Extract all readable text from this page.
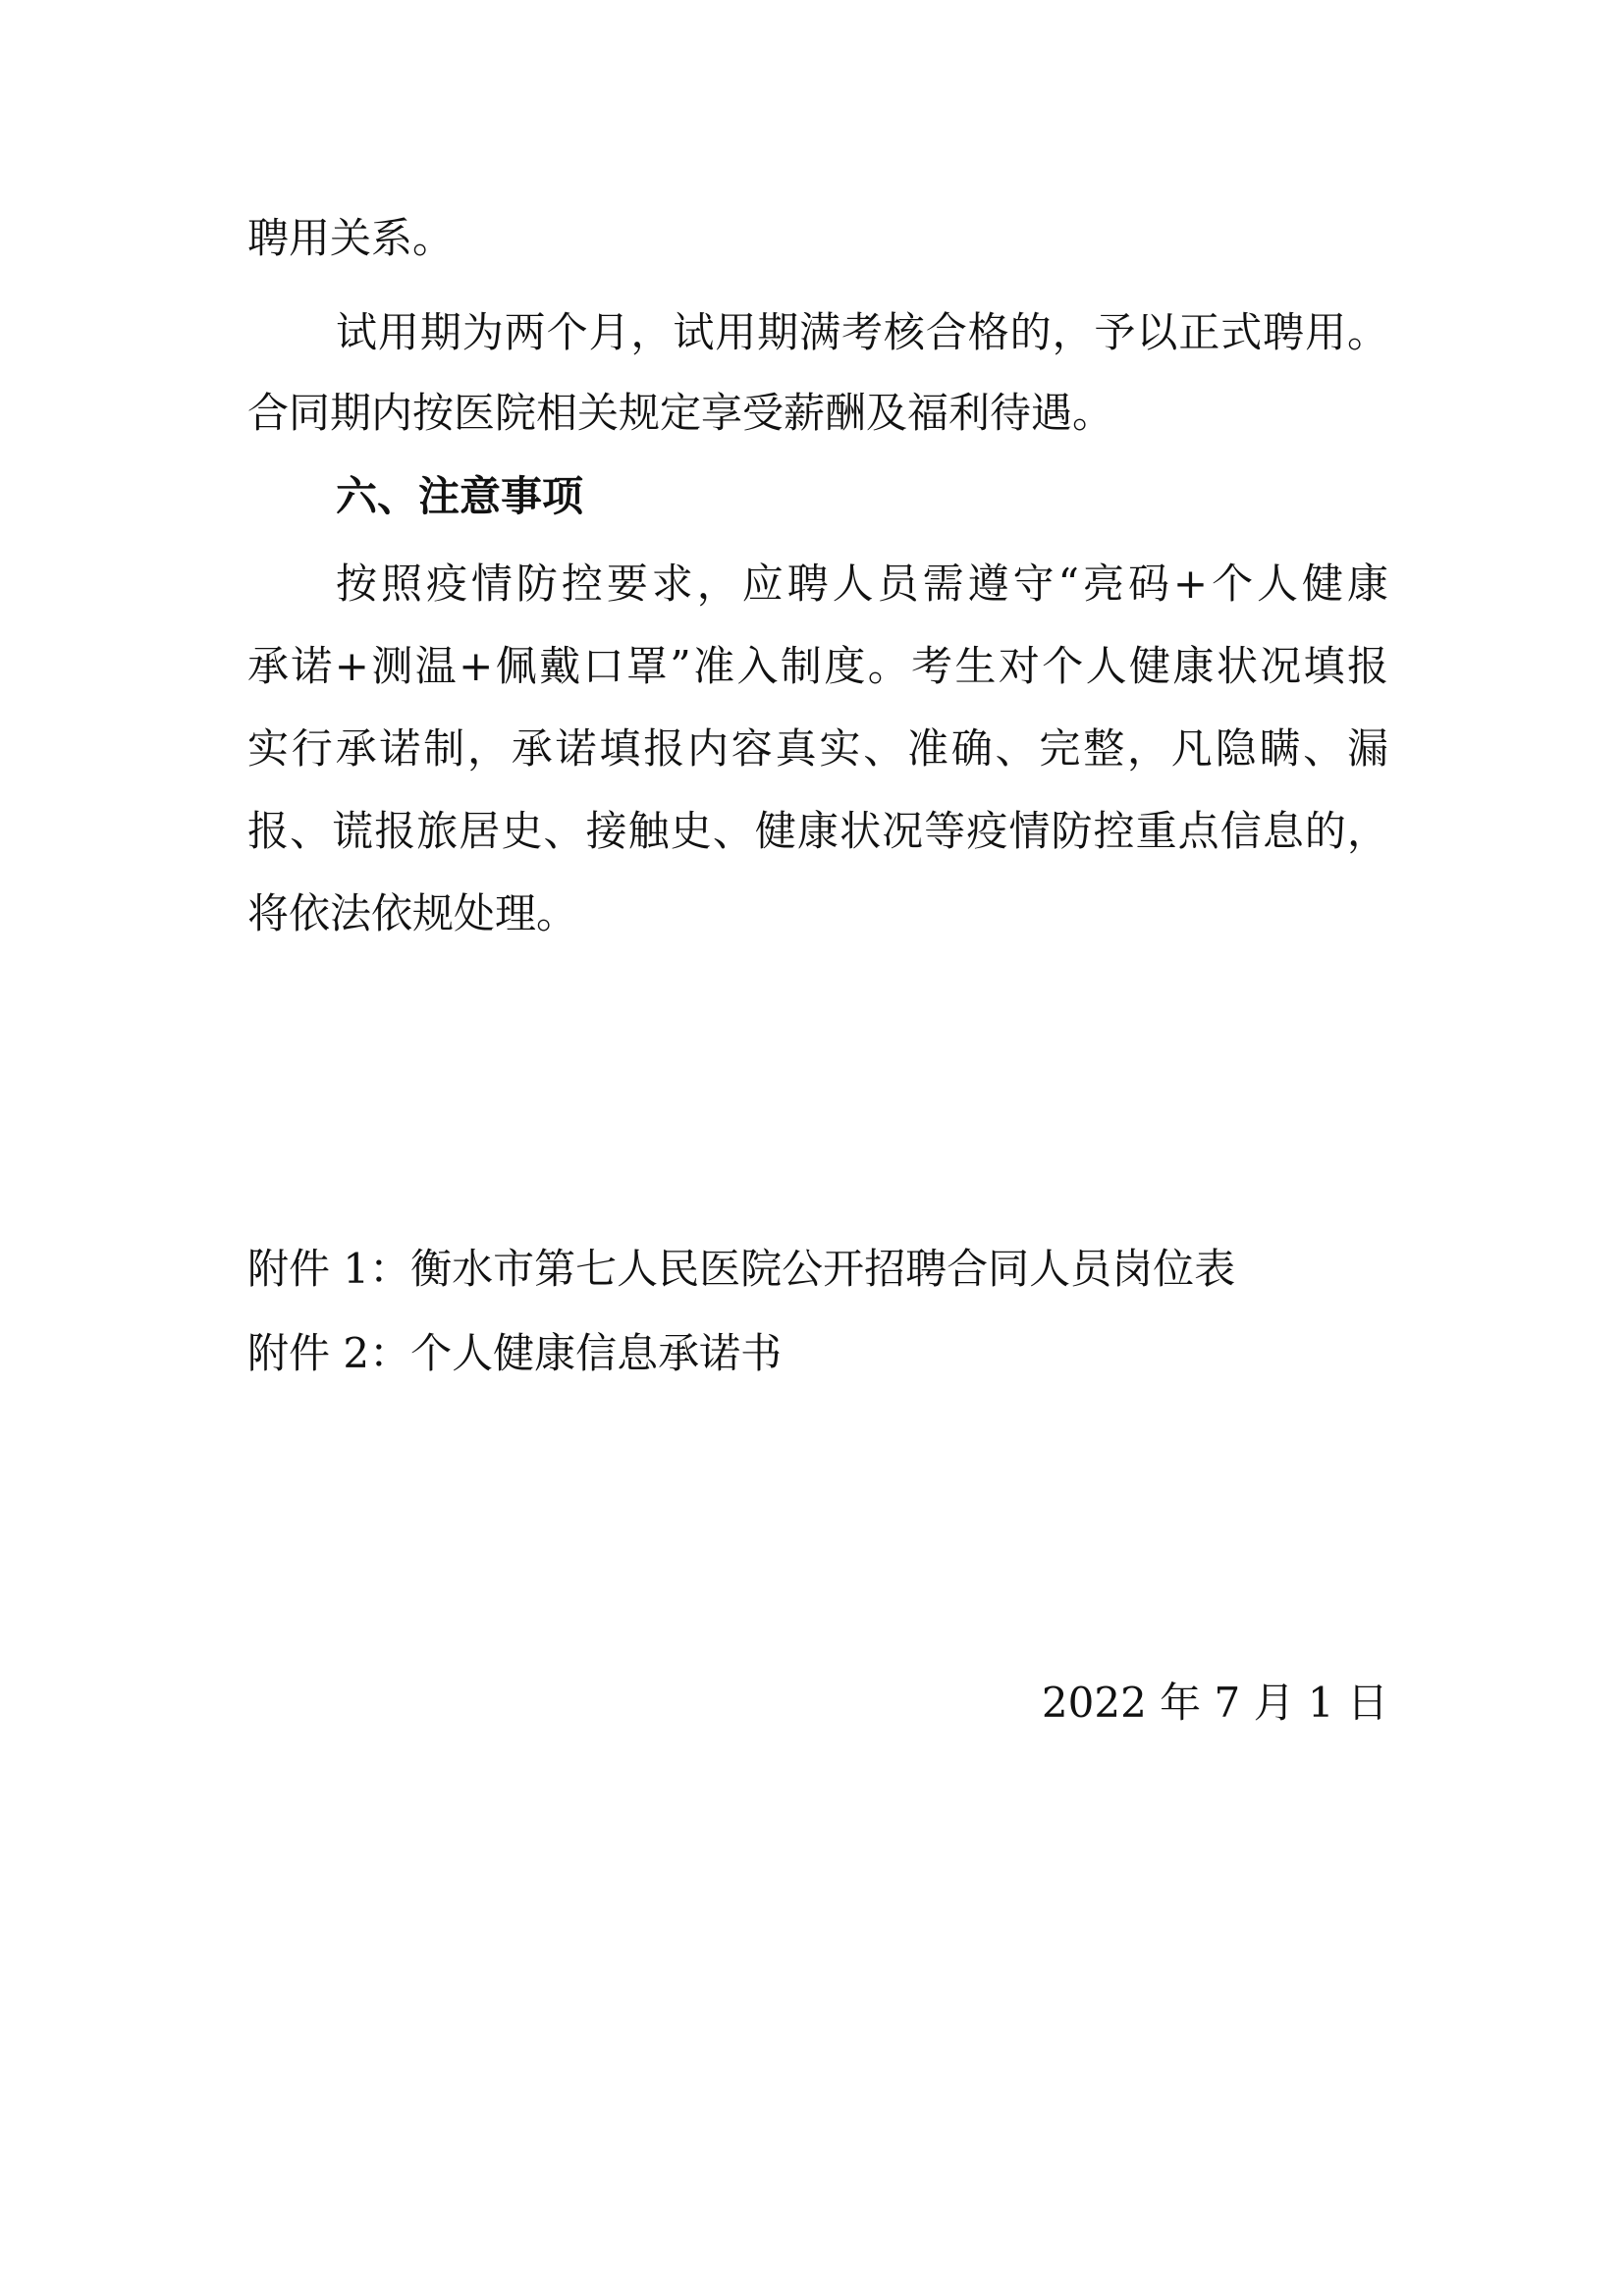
聘用关系。
试用期为两个月，试用期满考核合格的，予以正式聘用。
合同期内按医院相关规定享受薪酬及福利待遇。
六、注意事项
按照疫情防控要求，应聘人员需遵守“亮码+个人健康
承诺+测温+佩戴口罩”准入制度。考生对个人健康状况填报
实行承诺制，承诺填报内容真实、准确、完整，凡隐瞒、漏
报、谎报旅居史、接触史、健康状况等疫情防控重点信息的，
将依法依规处理。
附件 1：衡水市第七人民医院公开招聘合同人员岗位表
附件 2：个人健康信息承诺书
2022 年 7 月 1 日
